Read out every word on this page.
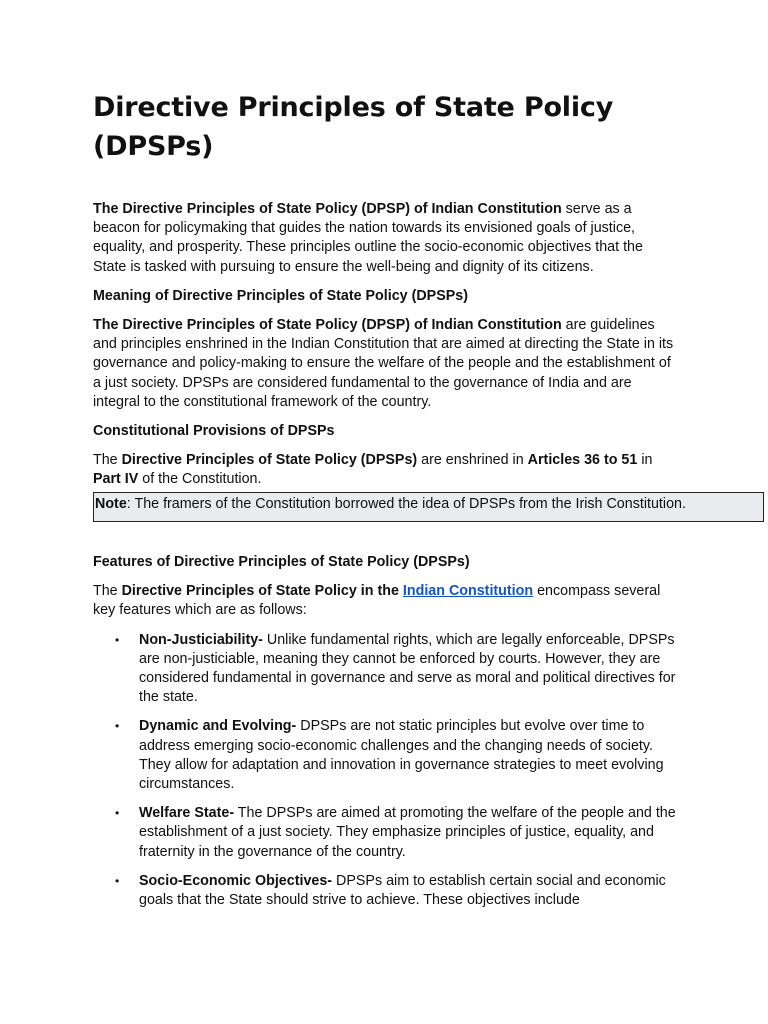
Directive Principles of State Policy (DPSPs)

The Directive Principles of State Policy (DPSP) of Indian Constitution serve as a beacon for policymaking that guides the nation towards its envisioned goals of justice, equality, and prosperity. These principles outline the socio-economic objectives that the State is tasked with pursuing to ensure the well-being and dignity of its citizens.

Meaning of Directive Principles of State Policy (DPSPs)

The Directive Principles of State Policy (DPSP) of Indian Constitution are guidelines and principles enshrined in the Indian Constitution that are aimed at directing the State in its governance and policy-making to ensure the welfare of the people and the establishment of a just society. DPSPs are considered fundamental to the governance of India and are integral to the constitutional framework of the country.

Constitutional Provisions of DPSPs

The Directive Principles of State Policy (DPSPs) are enshrined in Articles 36 to 51 in Part IV of the Constitution.

Note: The framers of the Constitution borrowed the idea of DPSPs from the Irish Constitution.

Features of Directive Principles of State Policy (DPSPs)

The Directive Principles of State Policy in the Indian Constitution encompass several key features which are as follows:

• Non-Justiciability- Unlike fundamental rights, which are legally enforceable, DPSPs are non-justiciable, meaning they cannot be enforced by courts. However, they are considered fundamental in governance and serve as moral and political directives for the state.
• Dynamic and Evolving- DPSPs are not static principles but evolve over time to address emerging socio-economic challenges and the changing needs of society. They allow for adaptation and innovation in governance strategies to meet evolving circumstances.
• Welfare State- The DPSPs are aimed at promoting the welfare of the people and the establishment of a just society. They emphasize principles of justice, equality, and fraternity in the governance of the country.
• Socio-Economic Objectives- DPSPs aim to establish certain social and economic goals that the State should strive to achieve. These objectives include
